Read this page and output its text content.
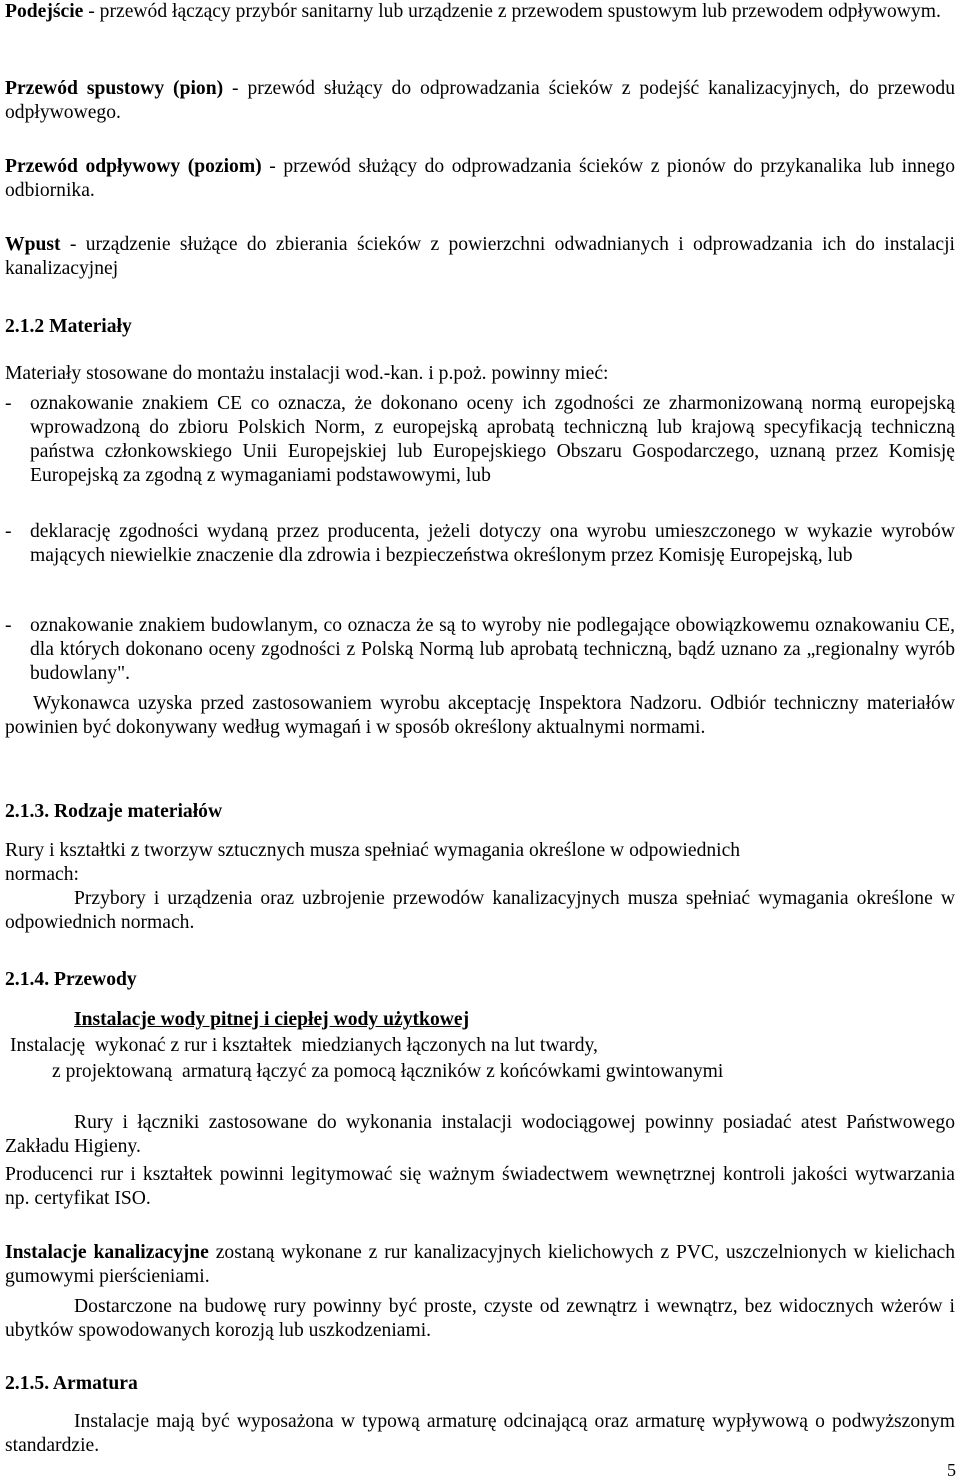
Podejście - przewód łączący przybór sanitarny lub urządzenie z przewodem spustowym lub przewodem odpływowym.

Przewód spustowy (pion) - przewód służący do odprowadzania ścieków z podejść kanalizacyjnych, do przewodu odpływowego.

Przewód odpływowy (poziom) - przewód służący do odprowadzania ścieków z pionów do przykanalika lub innego odbiornika.

Wpust - urządzenie służące do zbierania ścieków z powierzchni odwadnianych i odprowadzania ich do instalacji kanalizacyjnej

2.1.2 Materiały

Materiały stosowane do montażu instalacji wod.-kan. i p.poż. powinny mieć:

- oznakowanie znakiem CE co oznacza, że dokonano oceny ich zgodności ze zharmonizowaną normą europejską wprowadzoną do zbioru Polskich Norm, z europejską aprobatą techniczną lub krajową specyfikacją techniczną państwa członkowskiego Unii Europejskiej lub Europejskiego Obszaru Gospodarczego, uznaną przez Komisję Europejską za zgodną z wymaganiami podstawowymi, lub
- deklarację zgodności wydaną przez producenta, jeżeli dotyczy ona wyrobu umieszczonego w wykazie wyrobów mających niewielkie znaczenie dla zdrowia i bezpieczeństwa określonym przez Komisję Europejską, lub
- oznakowanie znakiem budowlanym, co oznacza że są to wyroby nie podlegające obowiązkowemu oznakowaniu CE, dla których dokonano oceny zgodności z Polską Normą lub aprobatą techniczną, bądź uznano za „regionalny wyrób budowlany".

Wykonawca uzyska przed zastosowaniem wyrobu akceptację Inspektora Nadzoru. Odbiór techniczny materiałów powinien być dokonywany według wymagań i w sposób określony aktualnymi normami.

2.1.3. Rodzaje materiałów

Rury i kształtki z tworzyw sztucznych musza spełniać wymagania określone w odpowiednich normach:

Przybory i urządzenia oraz uzbrojenie przewodów kanalizacyjnych musza spełniać wymagania określone w odpowiednich normach.

2.1.4. Przewody

Instalacje wody pitnej i ciepłej wody użytkowej

Instalację  wykonać z rur i kształtek  miedzianych łączonych na lut twardy,

z projektowaną  armaturą łączyć za pomocą łączników z końcówkami gwintowanymi

Rury i łączniki zastosowane do wykonania instalacji wodociągowej powinny posiadać atest Państwowego Zakładu Higieny.

Producenci rur i kształtek powinni legitymować się ważnym świadectwem wewnętrznej kontroli jakości wytwarzania np. certyfikat ISO.

Instalacje kanalizacyjne zostaną wykonane z rur kanalizacyjnych kielichowych z PVC, uszczelnionych w kielichach gumowymi pierścieniami.

Dostarczone na budowę rury powinny być proste, czyste od zewnątrz i wewnątrz, bez widocznych wżerów i ubytków spowodowanych korozją lub uszkodzeniami.

2.1.5. Armatura

Instalacje mają być wyposażona w typową armaturę odcinającą oraz armaturę wypływową o podwyższonym standardzie.

5
